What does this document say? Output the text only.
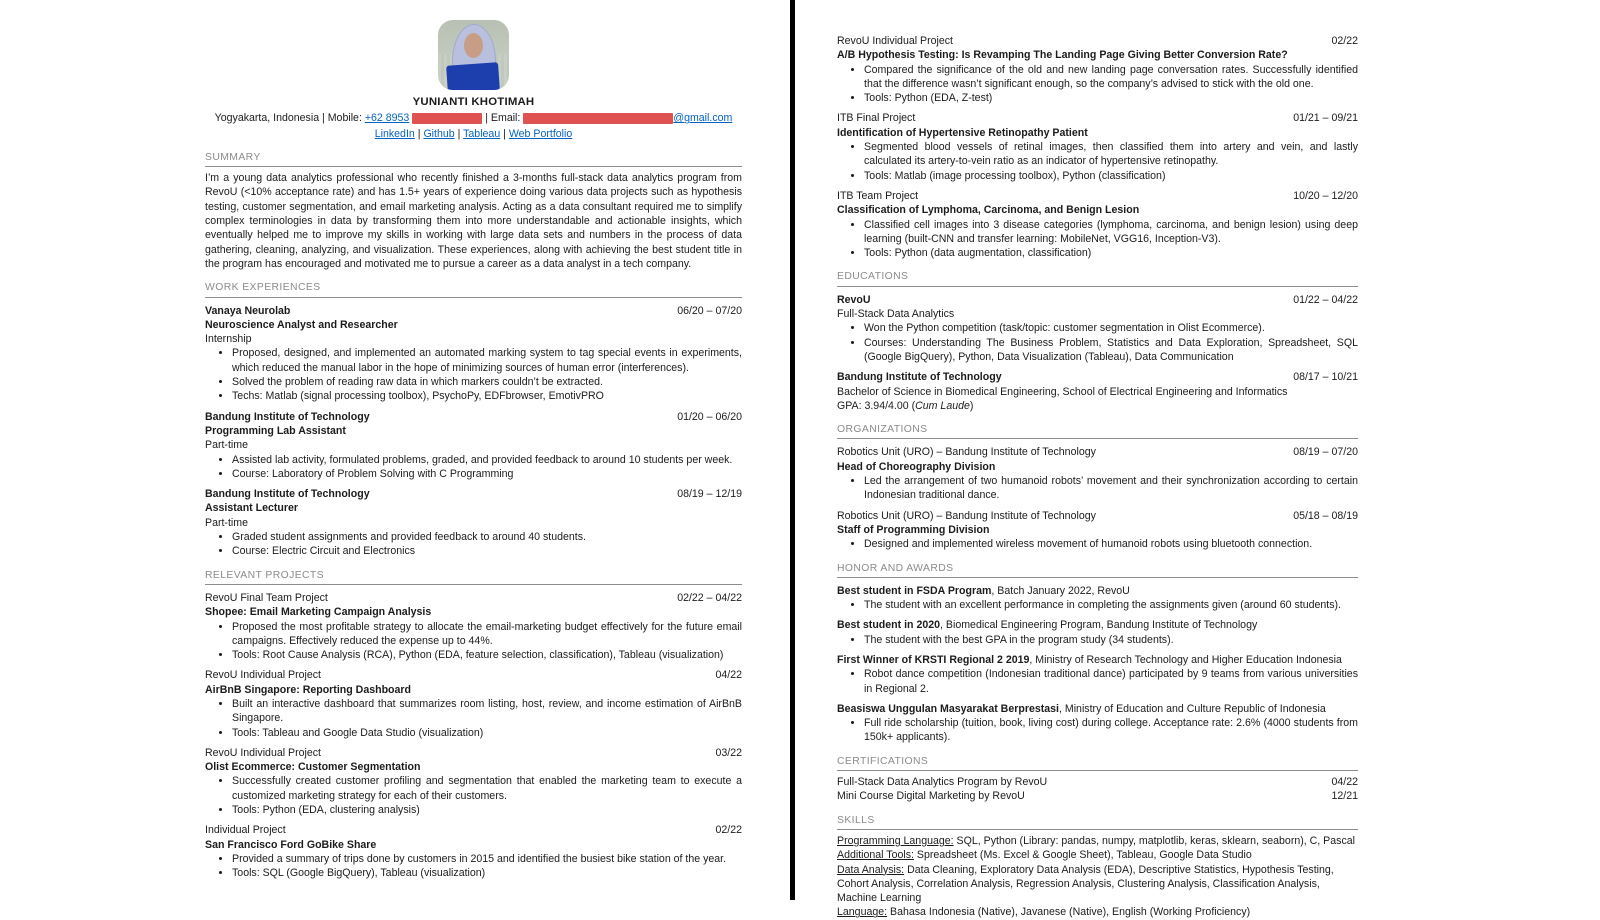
YUNIANTI KHOTIMAH
Yogyakarta, Indonesia | Mobile: +62 8953	| Email:	@gmail.com
LinkedIn | Github | Tableau | Web Portfolio
SUMMARY

I’m a young data analytics professional who recently finished a 3-months full-stack data analytics program from RevoU (<10% acceptance rate) and has 1.5+ years of experience doing various data projects such as hypothesis testing, customer segmentation, and email marketing analysis. Acting as a data consultant required me to simplify complex terminologies in data by transforming them into more understandable and actionable insights, which eventually helped me to improve my skills in working with large data sets and numbers in the process of data gathering, cleaning, analyzing, and visualization. These experiences, along with achieving the best student title in the program has encouraged and motivated me to pursue a career as a data analyst in a tech company.

WORK EXPERIENCES
Vanaya Neurolab	06/20 – 07/20
Neuroscience Analyst and Researcher
Internship
• Proposed, designed, and implemented an automated marking system to tag special events in experiments, which reduced the manual labor in the hope of minimizing sources of human error (interferences).
• Solved the problem of reading raw data in which markers couldn’t be extracted.
• Techs: Matlab (signal processing toolbox), PsychoPy, EDFbrowser, EmotivPRO
Bandung Institute of Technology	01/20 – 06/20
Programming Lab Assistant
Part-time
• Assisted lab activity, formulated problems, graded, and provided feedback to around 10 students per week.
• Course: Laboratory of Problem Solving with C Programming
Bandung Institute of Technology	08/19 – 12/19
Assistant Lecturer
Part-time
• Graded student assignments and provided feedback to around 40 students.
• Course: Electric Circuit and Electronics
RELEVANT PROJECTS
RevoU Final Team Project	02/22 – 04/22
Shopee: Email Marketing Campaign Analysis
• Proposed the most profitable strategy to allocate the email-marketing budget effectively for the future email campaigns. Effectively reduced the expense up to 44%.
• Tools: Root Cause Analysis (RCA), Python (EDA, feature selection, classification), Tableau (visualization)
RevoU Individual Project	04/22
AirBnB Singapore: Reporting Dashboard
• Built an interactive dashboard that summarizes room listing, host, review, and income estimation of AirBnB Singapore.
• Tools: Tableau and Google Data Studio (visualization)
RevoU Individual Project	03/22
Olist Ecommerce: Customer Segmentation
• Successfully created customer profiling and segmentation that enabled the marketing team to execute a customized marketing strategy for each of their customers.
• Tools: Python (EDA, clustering analysis)
Individual Project	02/22
San Francisco Ford GoBike Share
• Provided a summary of trips done by customers in 2015 and identified the busiest bike station of the year.
• Tools: SQL (Google BigQuery), Tableau (visualization)
RevoU Individual Project	02/22
A/B Hypothesis Testing: Is Revamping The Landing Page Giving Better Conversion Rate?
• Compared the significance of the old and new landing page conversation rates. Successfully identified that the difference wasn’t significant enough, so the company’s advised to stick with the old one.
• Tools: Python (EDA, Z-test)
ITB Final Project	01/21 – 09/21
Identification of Hypertensive Retinopathy Patient
• Segmented blood vessels of retinal images, then classified them into artery and vein, and lastly calculated its artery-to-vein ratio as an indicator of hypertensive retinopathy.
• Tools: Matlab (image processing toolbox), Python (classification)
ITB Team Project	10/20 – 12/20
Classification of Lymphoma, Carcinoma, and Benign Lesion
• Classified cell images into 3 disease categories (lymphoma, carcinoma, and benign lesion) using deep learning (built-CNN and transfer learning: MobileNet, VGG16, Inception-V3).
• Tools: Python (data augmentation, classification)
EDUCATIONS
RevoU	01/22 – 04/22
Full-Stack Data Analytics
• Won the Python competition (task/topic: customer segmentation in Olist Ecommerce).
• Courses: Understanding The Business Problem, Statistics and Data Exploration, Spreadsheet, SQL (Google BigQuery), Python, Data Visualization (Tableau), Data Communication
Bandung Institute of Technology	08/17 – 10/21
Bachelor of Science in Biomedical Engineering, School of Electrical Engineering and Informatics
GPA: 3.94/4.00 (Cum Laude)
ORGANIZATIONS
Robotics Unit (URO) – Bandung Institute of Technology	08/19 – 07/20
Head of Choreography Division
• Led the arrangement of two humanoid robots’ movement and their synchronization according to certain Indonesian traditional dance.
Robotics Unit (URO) – Bandung Institute of Technology	05/18 – 08/19
Staff of Programming Division
• Designed and implemented wireless movement of humanoid robots using bluetooth connection.
HONOR AND AWARDS
Best student in FSDA Program, Batch January 2022, RevoU
• The student with an excellent performance in completing the assignments given (around 60 students).
Best student in 2020, Biomedical Engineering Program, Bandung Institute of Technology
• The student with the best GPA in the program study (34 students).
First Winner of KRSTI Regional 2 2019, Ministry of Research Technology and Higher Education Indonesia
• Robot dance competition (Indonesian traditional dance) participated by 9 teams from various universities in Regional 2.
Beasiswa Unggulan Masyarakat Berprestasi, Ministry of Education and Culture Republic of Indonesia
• Full ride scholarship (tuition, book, living cost) during college. Acceptance rate: 2.6% (4000 students from 150k+ applicants).
CERTIFICATIONS
Full-Stack Data Analytics Program by RevoU	04/22
Mini Course Digital Marketing by RevoU	12/21
SKILLS
Programming Language: SQL, Python (Library: pandas, numpy, matplotlib, keras, sklearn, seaborn), C, Pascal
Additional Tools: Spreadsheet (Ms. Excel & Google Sheet), Tableau, Google Data Studio
Data Analysis: Data Cleaning, Exploratory Data Analysis (EDA), Descriptive Statistics, Hypothesis Testing, Cohort Analysis, Correlation Analysis, Regression Analysis, Clustering Analysis, Classification Analysis, Machine Learning
Language: Bahasa Indonesia (Native), Javanese (Native), English (Working Proficiency)
